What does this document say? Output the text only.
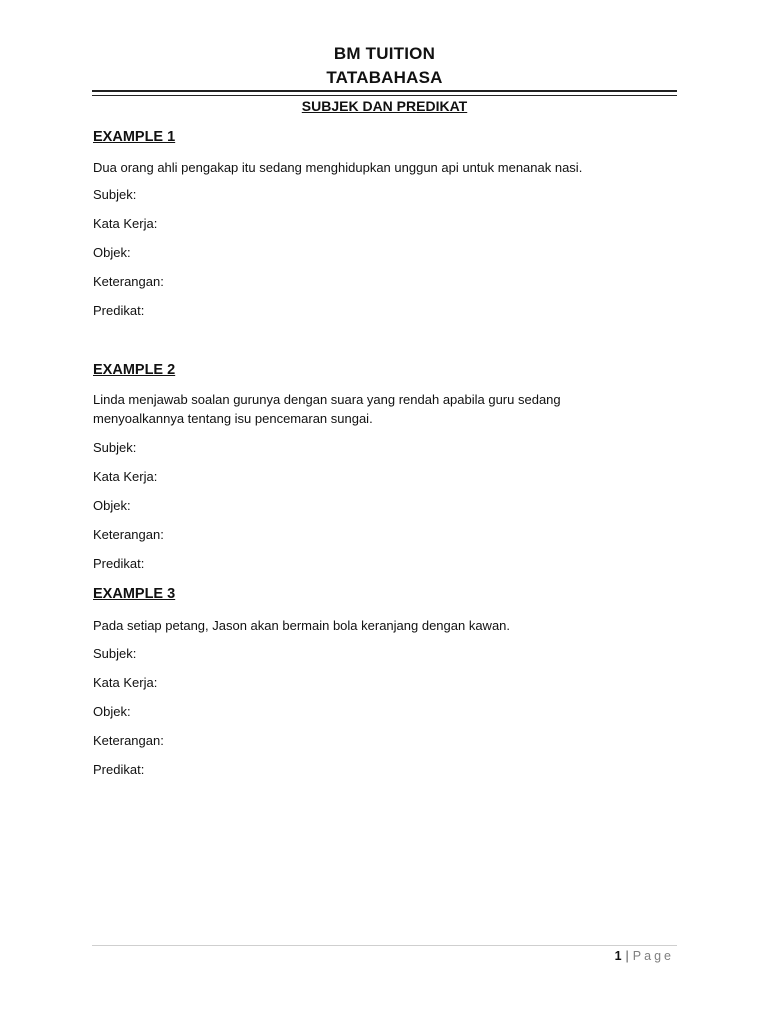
BM TUITION
TATABAHASA
SUBJEK DAN PREDIKAT

EXAMPLE 1

Dua orang ahli pengakap itu sedang menghidupkan unggun api untuk menanak nasi.

Subjek:

Kata Kerja:

Objek:

Keterangan:

Predikat:

EXAMPLE 2

Linda menjawab soalan gurunya dengan suara yang rendah apabila guru sedang menyoalkannya tentang isu pencemaran sungai.

Subjek:

Kata Kerja:

Objek:

Keterangan:

Predikat:

EXAMPLE 3

Pada setiap petang, Jason akan bermain bola keranjang dengan kawan.

Subjek:

Kata Kerja:

Objek:

Keterangan:

Predikat:

1 | Page
